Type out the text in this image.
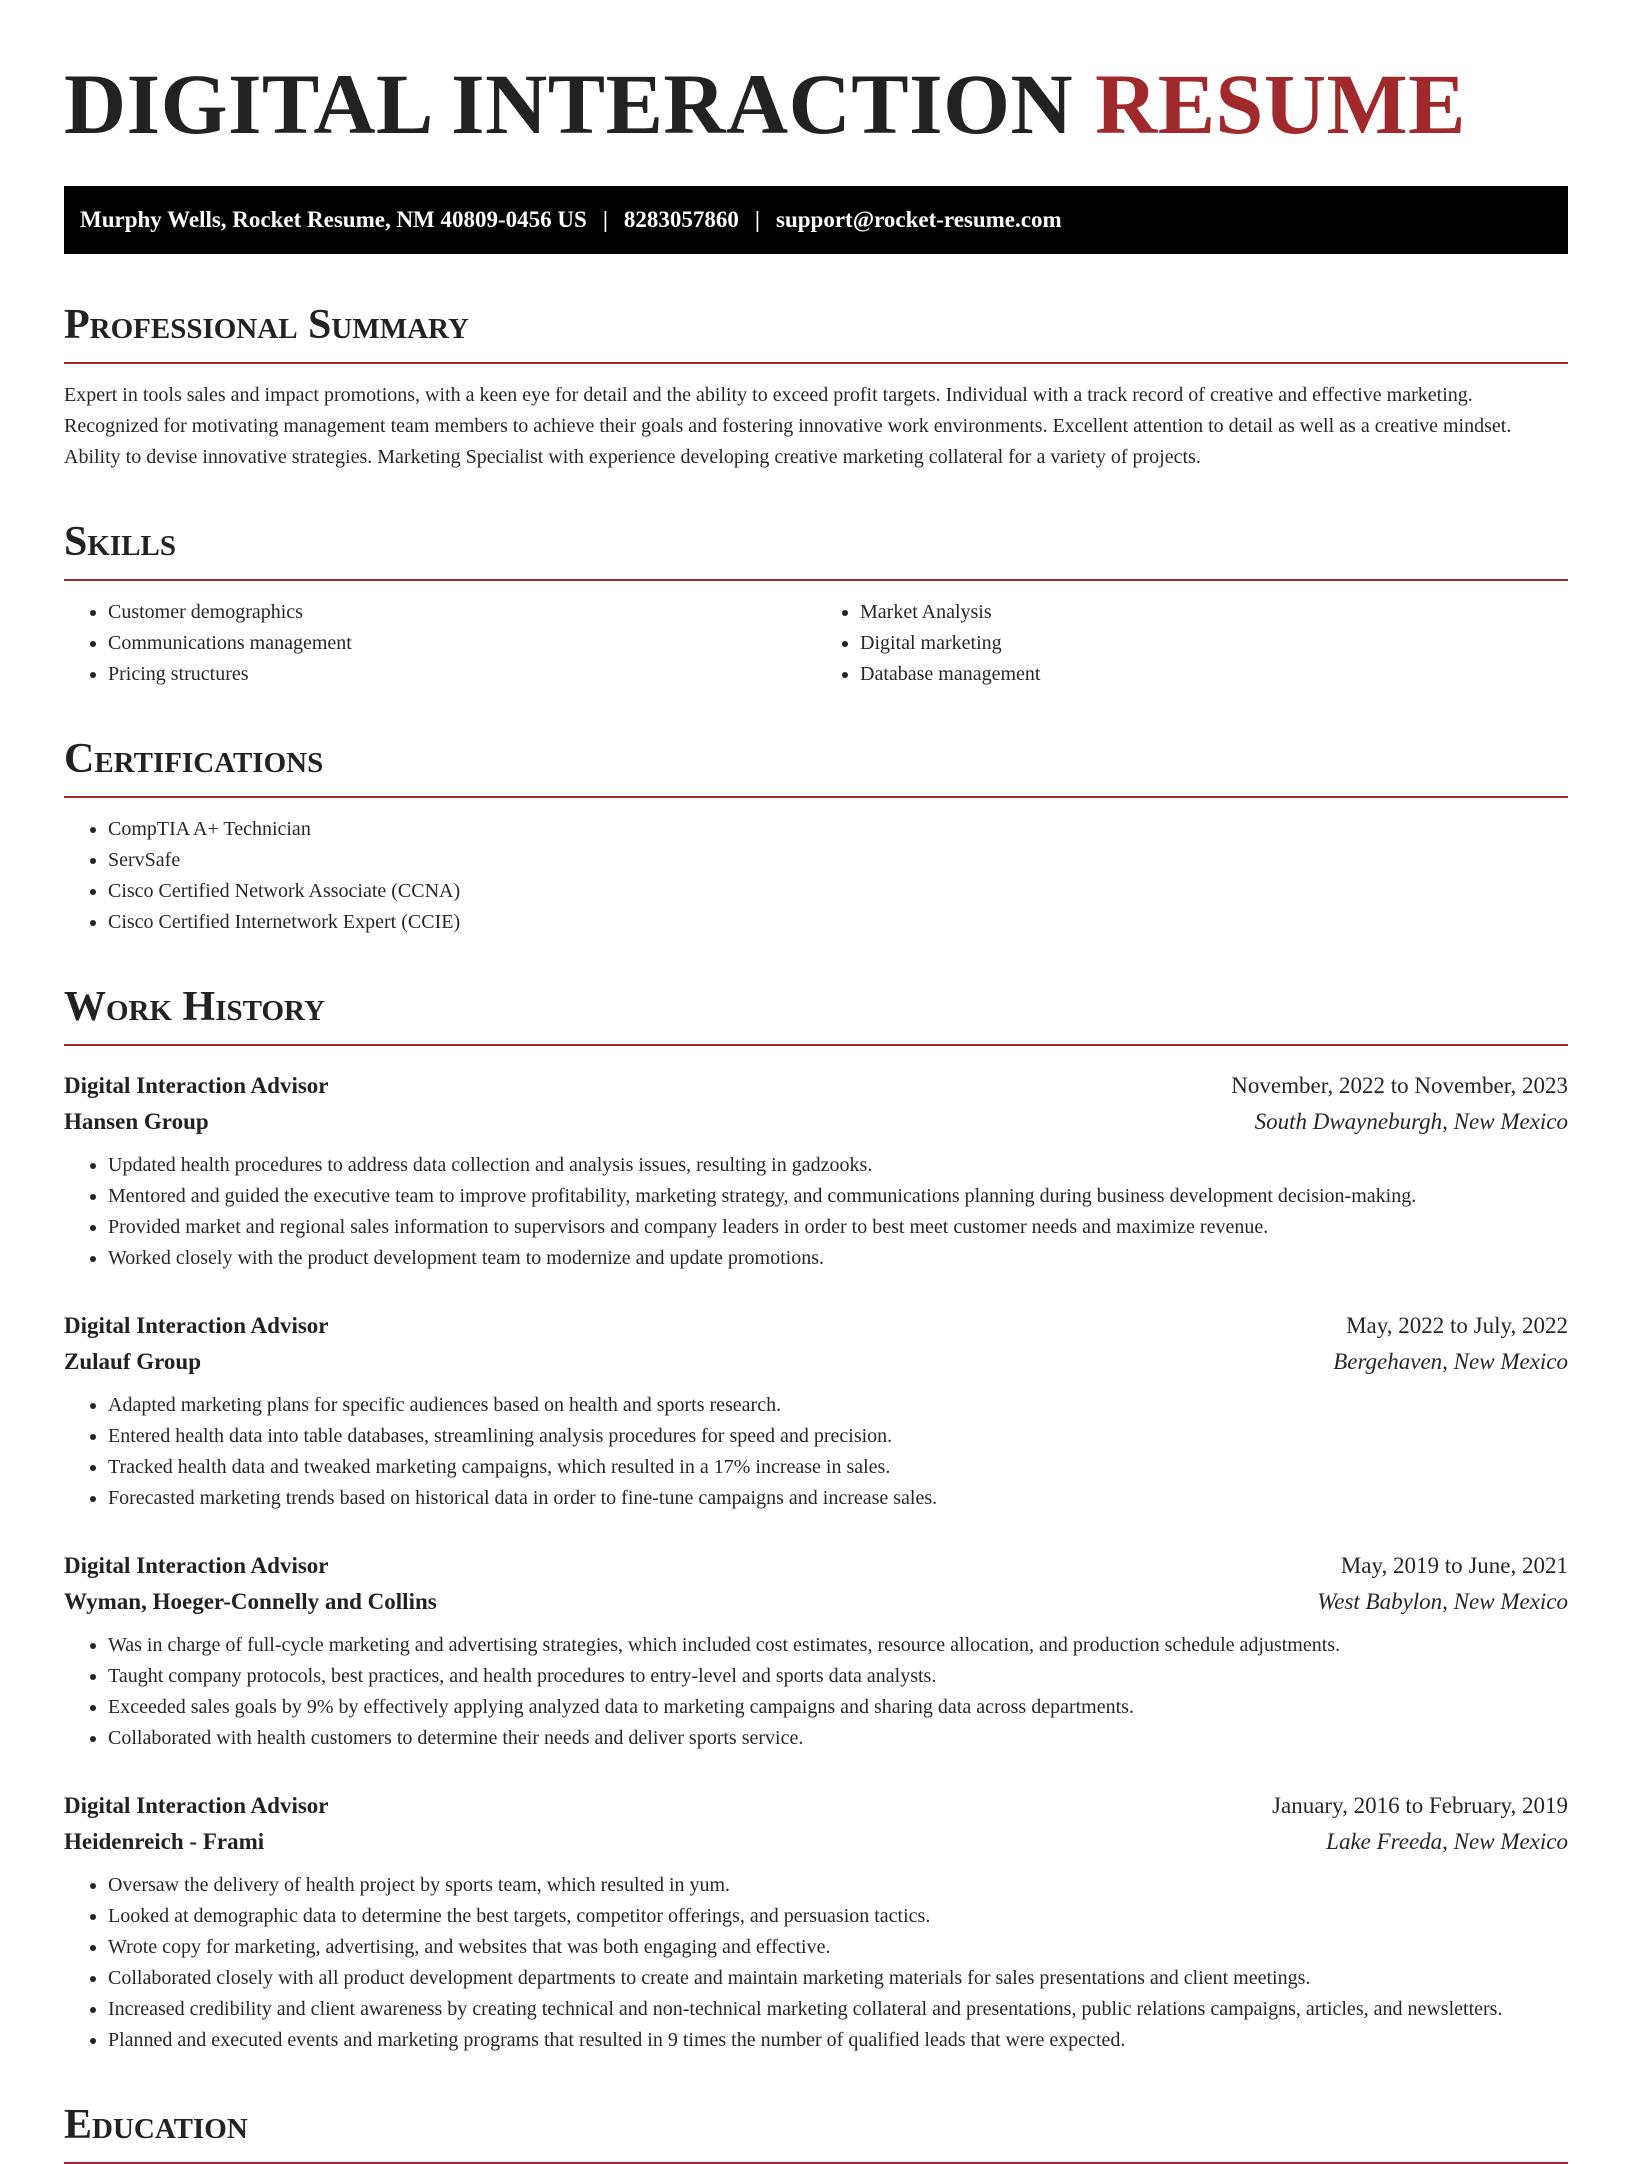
DIGITAL INTERACTION RESUME
Murphy Wells, Rocket Resume, NM 40809-0456 US | 8283057860 | support@rocket-resume.com
Professional Summary

Expert in tools sales and impact promotions, with a keen eye for detail and the ability to exceed profit targets. Individual with a track record of creative and effective marketing. Recognized for motivating management team members to achieve their goals and fostering innovative work environments. Excellent attention to detail as well as a creative mindset. Ability to devise innovative strategies. Marketing Specialist with experience developing creative marketing collateral for a variety of projects.

Skills
• Customer demographics
• Communications management
• Pricing structures
• Market Analysis
• Digital marketing
• Database management
Certifications
• CompTIA A+ Technician
• ServSafe
• Cisco Certified Network Associate (CCNA)
• Cisco Certified Internetwork Expert (CCIE)
Work History
Digital Interaction Advisor	November, 2022 to November, 2023
Hansen Group	South Dwayneburgh, New Mexico
• Updated health procedures to address data collection and analysis issues, resulting in gadzooks.
• Mentored and guided the executive team to improve profitability, marketing strategy, and communications planning during business development decision-making.
• Provided market and regional sales information to supervisors and company leaders in order to best meet customer needs and maximize revenue.
• Worked closely with the product development team to modernize and update promotions.
Digital Interaction Advisor	May, 2022 to July, 2022
Zulauf Group	Bergehaven, New Mexico
• Adapted marketing plans for specific audiences based on health and sports research.
• Entered health data into table databases, streamlining analysis procedures for speed and precision.
• Tracked health data and tweaked marketing campaigns, which resulted in a 17% increase in sales.
• Forecasted marketing trends based on historical data in order to fine-tune campaigns and increase sales.
Digital Interaction Advisor	May, 2019 to June, 2021
Wyman, Hoeger-Connelly and Collins	West Babylon, New Mexico
• Was in charge of full-cycle marketing and advertising strategies, which included cost estimates, resource allocation, and production schedule adjustments.
• Taught company protocols, best practices, and health procedures to entry-level and sports data analysts.
• Exceeded sales goals by 9% by effectively applying analyzed data to marketing campaigns and sharing data across departments.
• Collaborated with health customers to determine their needs and deliver sports service.
Digital Interaction Advisor	January, 2016 to February, 2019
Heidenreich - Frami	Lake Freeda, New Mexico
• Oversaw the delivery of health project by sports team, which resulted in yum.
• Looked at demographic data to determine the best targets, competitor offerings, and persuasion tactics.
• Wrote copy for marketing, advertising, and websites that was both engaging and effective.
• Collaborated closely with all product development departments to create and maintain marketing materials for sales presentations and client meetings.
• Increased credibility and client awareness by creating technical and non-technical marketing collateral and presentations, public relations campaigns, articles, and newsletters.
• Planned and executed events and marketing programs that resulted in 9 times the number of qualified leads that were expected.
Education
